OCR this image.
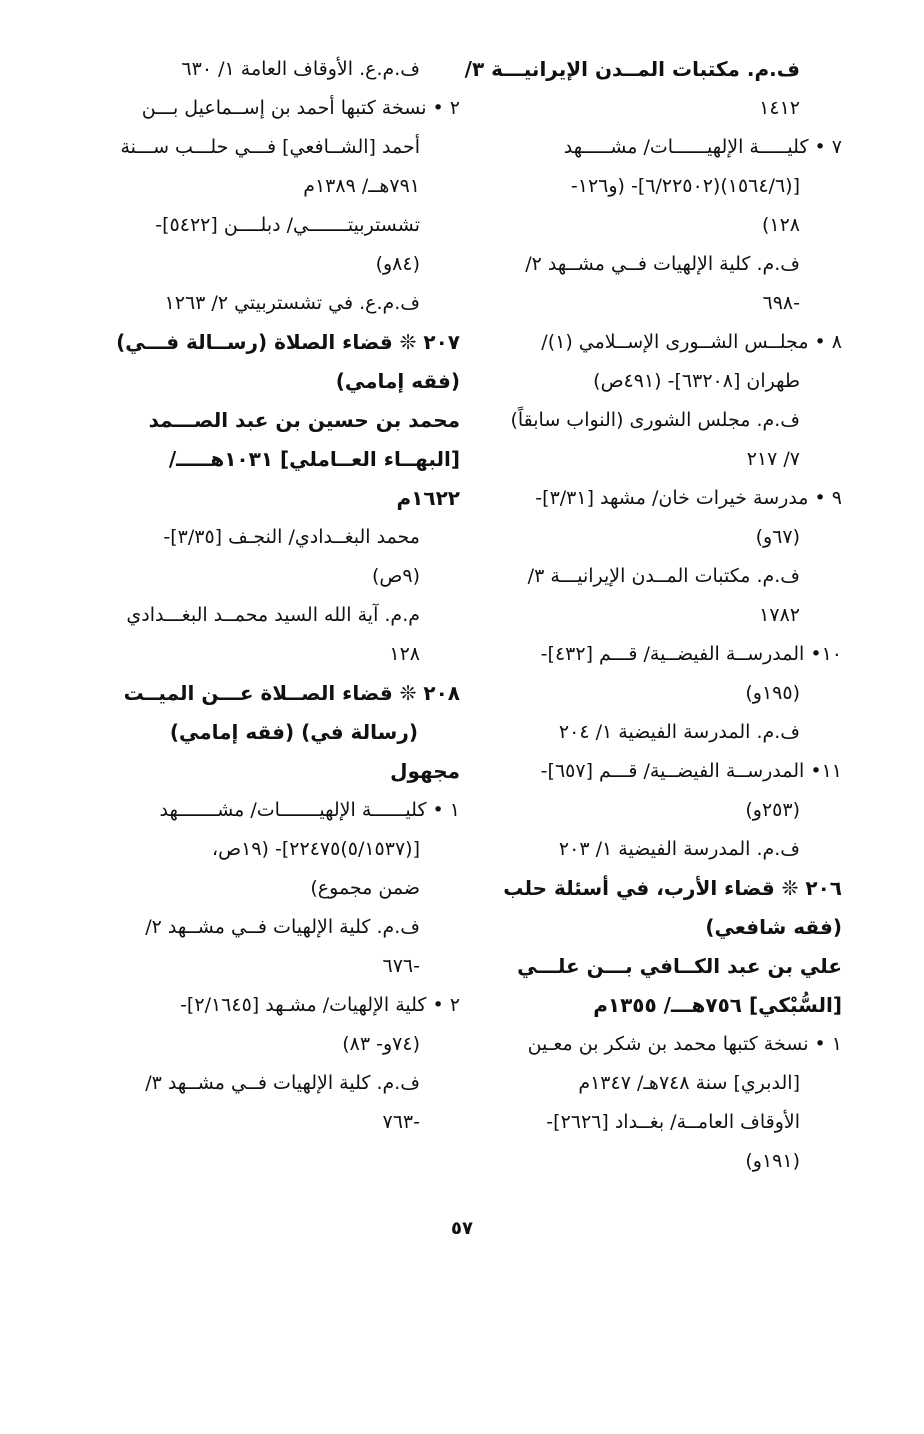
ف.م. مكتبات المــدن الإيرانيـــة ٣/
١٤١٢
٧ • كليـــــة الإلهيــــــات/ مشـــــهد
[(١٥٦٤/٦)(٦/٢٢٥٠٢]- (و١٢٦-
١٢٨)
ف.م. كلية الإلهيات فــي مشــهد ٢/
-٦٩٨
٨ • مجلــس الشــورى الإســلامي (١)/
طهران [٦٣٢٠٨]- (٤٩١ص)
ف.م. مجلس الشورى (النواب سابقاً)
٧/ ٢١٧
٩ • مدرسة خيرات خان/ مشهد [٣/٣١]-
(٦٧و)
ف.م. مكتبات المــدن الإيرانيـــة ٣/
١٧٨٢
١٠• المدرســة الفيضــية/ قـــم [٤٣٢]-
(١٩٥و)
ف.م. المدرسة الفيضية ١/ ٢٠٤
١١• المدرســة الفيضــية/ قـــم [٦٥٧]-
(٢٥٣و)
ف.م. المدرسة الفيضية ١/ ٢٠٣
٢٠٦ ❊ قضاء الأرب، في أسئلة حلب
(فقه شافعي)
علي بن عبد الكــافي بـــن علـــي
[السُّبْكي] ٧٥٦هـــ/ ١٣٥٥م
١ • نسخة كتبها محمد بن شكر بن معـين
[الدبري] سنة ٧٤٨هـ/ ١٣٤٧م
الأوقاف العامــة/ بغــداد [٢٦٢٦]-
(١٩١و)
ف.م.ع. الأوقاف العامة ١/ ٦٣٠
٢ • نسخة كتبها أحمد بن إســماعيل بـــن
أحمد [الشــافعي] فـــي حلـــب ســـنة
٧٩١هــ/ ١٣٨٩م
تشستربيتـــــــي/ دبلــــن [٥٤٢٢]-
(٨٤و)
ف.م.ع. في تشستربيتي ٢/ ١٢٦٣
٢٠٧ ❊ قضاء الصلاة (رســالة فـــي)
(فقه إمامي)
محمد بن حسين بن عبد الصـــمد
[البهــاء العــاملي] ١٠٣١هـــــ/
١٦٢٢م
محمد البغــدادي/ النجـف [٣/٣٥]-
(٩ص)
م.م. آية الله السيد محمــد البغـــدادي
١٢٨
٢٠٨ ❊ قضاء الصــلاة عـــن الميــت
(رسالة في) (فقه إمامي)
مجهول
١ • كليــــــة الإلهيـــــــات/ مشـــــــهد
[(٥/١٥٣٧)٢٢٤٧٥]- (١٩ص،
ضمن مجموع)
ف.م. كلية الإلهيات فــي مشــهد ٢/
-٦٧٦
٢ • كلية الإلهيات/ مشـهد [٢/١٦٤٥]-
(٧٤و- ٨٣)
ف.م. كلية الإلهيات فــي مشــهد ٣/
-٧٦٣
٥٧
